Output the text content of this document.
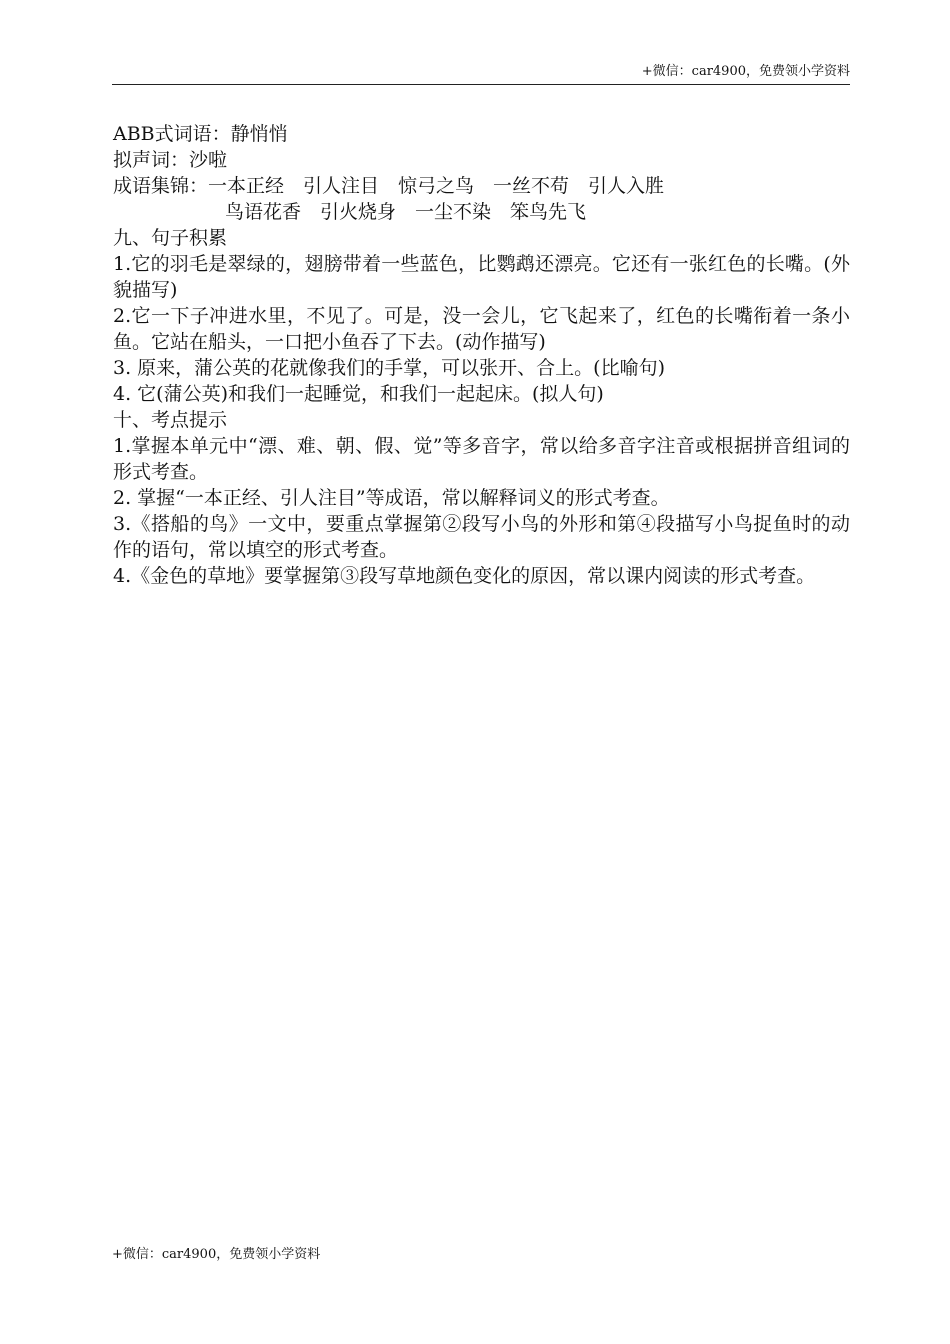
+微信：car4900，免费领小学资料
ABB式词语：静悄悄
拟声词：沙啦
成语集锦：一本正经　引人注目　惊弓之鸟　一丝不苟　引人入胜
鸟语花香　引火烧身　一尘不染　笨鸟先飞
九、句子积累
1.它的羽毛是翠绿的，翅膀带着一些蓝色，比鹦鹉还漂亮。它还有一张红色的长嘴。(外貌描写)
2.它一下子冲进水里，不见了。可是，没一会儿，它飞起来了，红色的长嘴衔着一条小鱼。它站在船头，一口把小鱼吞了下去。(动作描写)
3. 原来，蒲公英的花就像我们的手掌，可以张开、合上。(比喻句)
4. 它(蒲公英)和我们一起睡觉，和我们一起起床。(拟人句)
十、考点提示
1.掌握本单元中“漂、难、朝、假、觉”等多音字，常以给多音字注音或根据拼音组词的形式考查。
2. 掌握“一本正经、引人注目”等成语，常以解释词义的形式考查。
3.《搭船的鸟》一文中，要重点掌握第②段写小鸟的外形和第④段描写小鸟捉鱼时的动作的语句，常以填空的形式考查。
4.《金色的草地》要掌握第③段写草地颜色变化的原因，常以课内阅读的形式考查。
+微信：car4900，免费领小学资料
